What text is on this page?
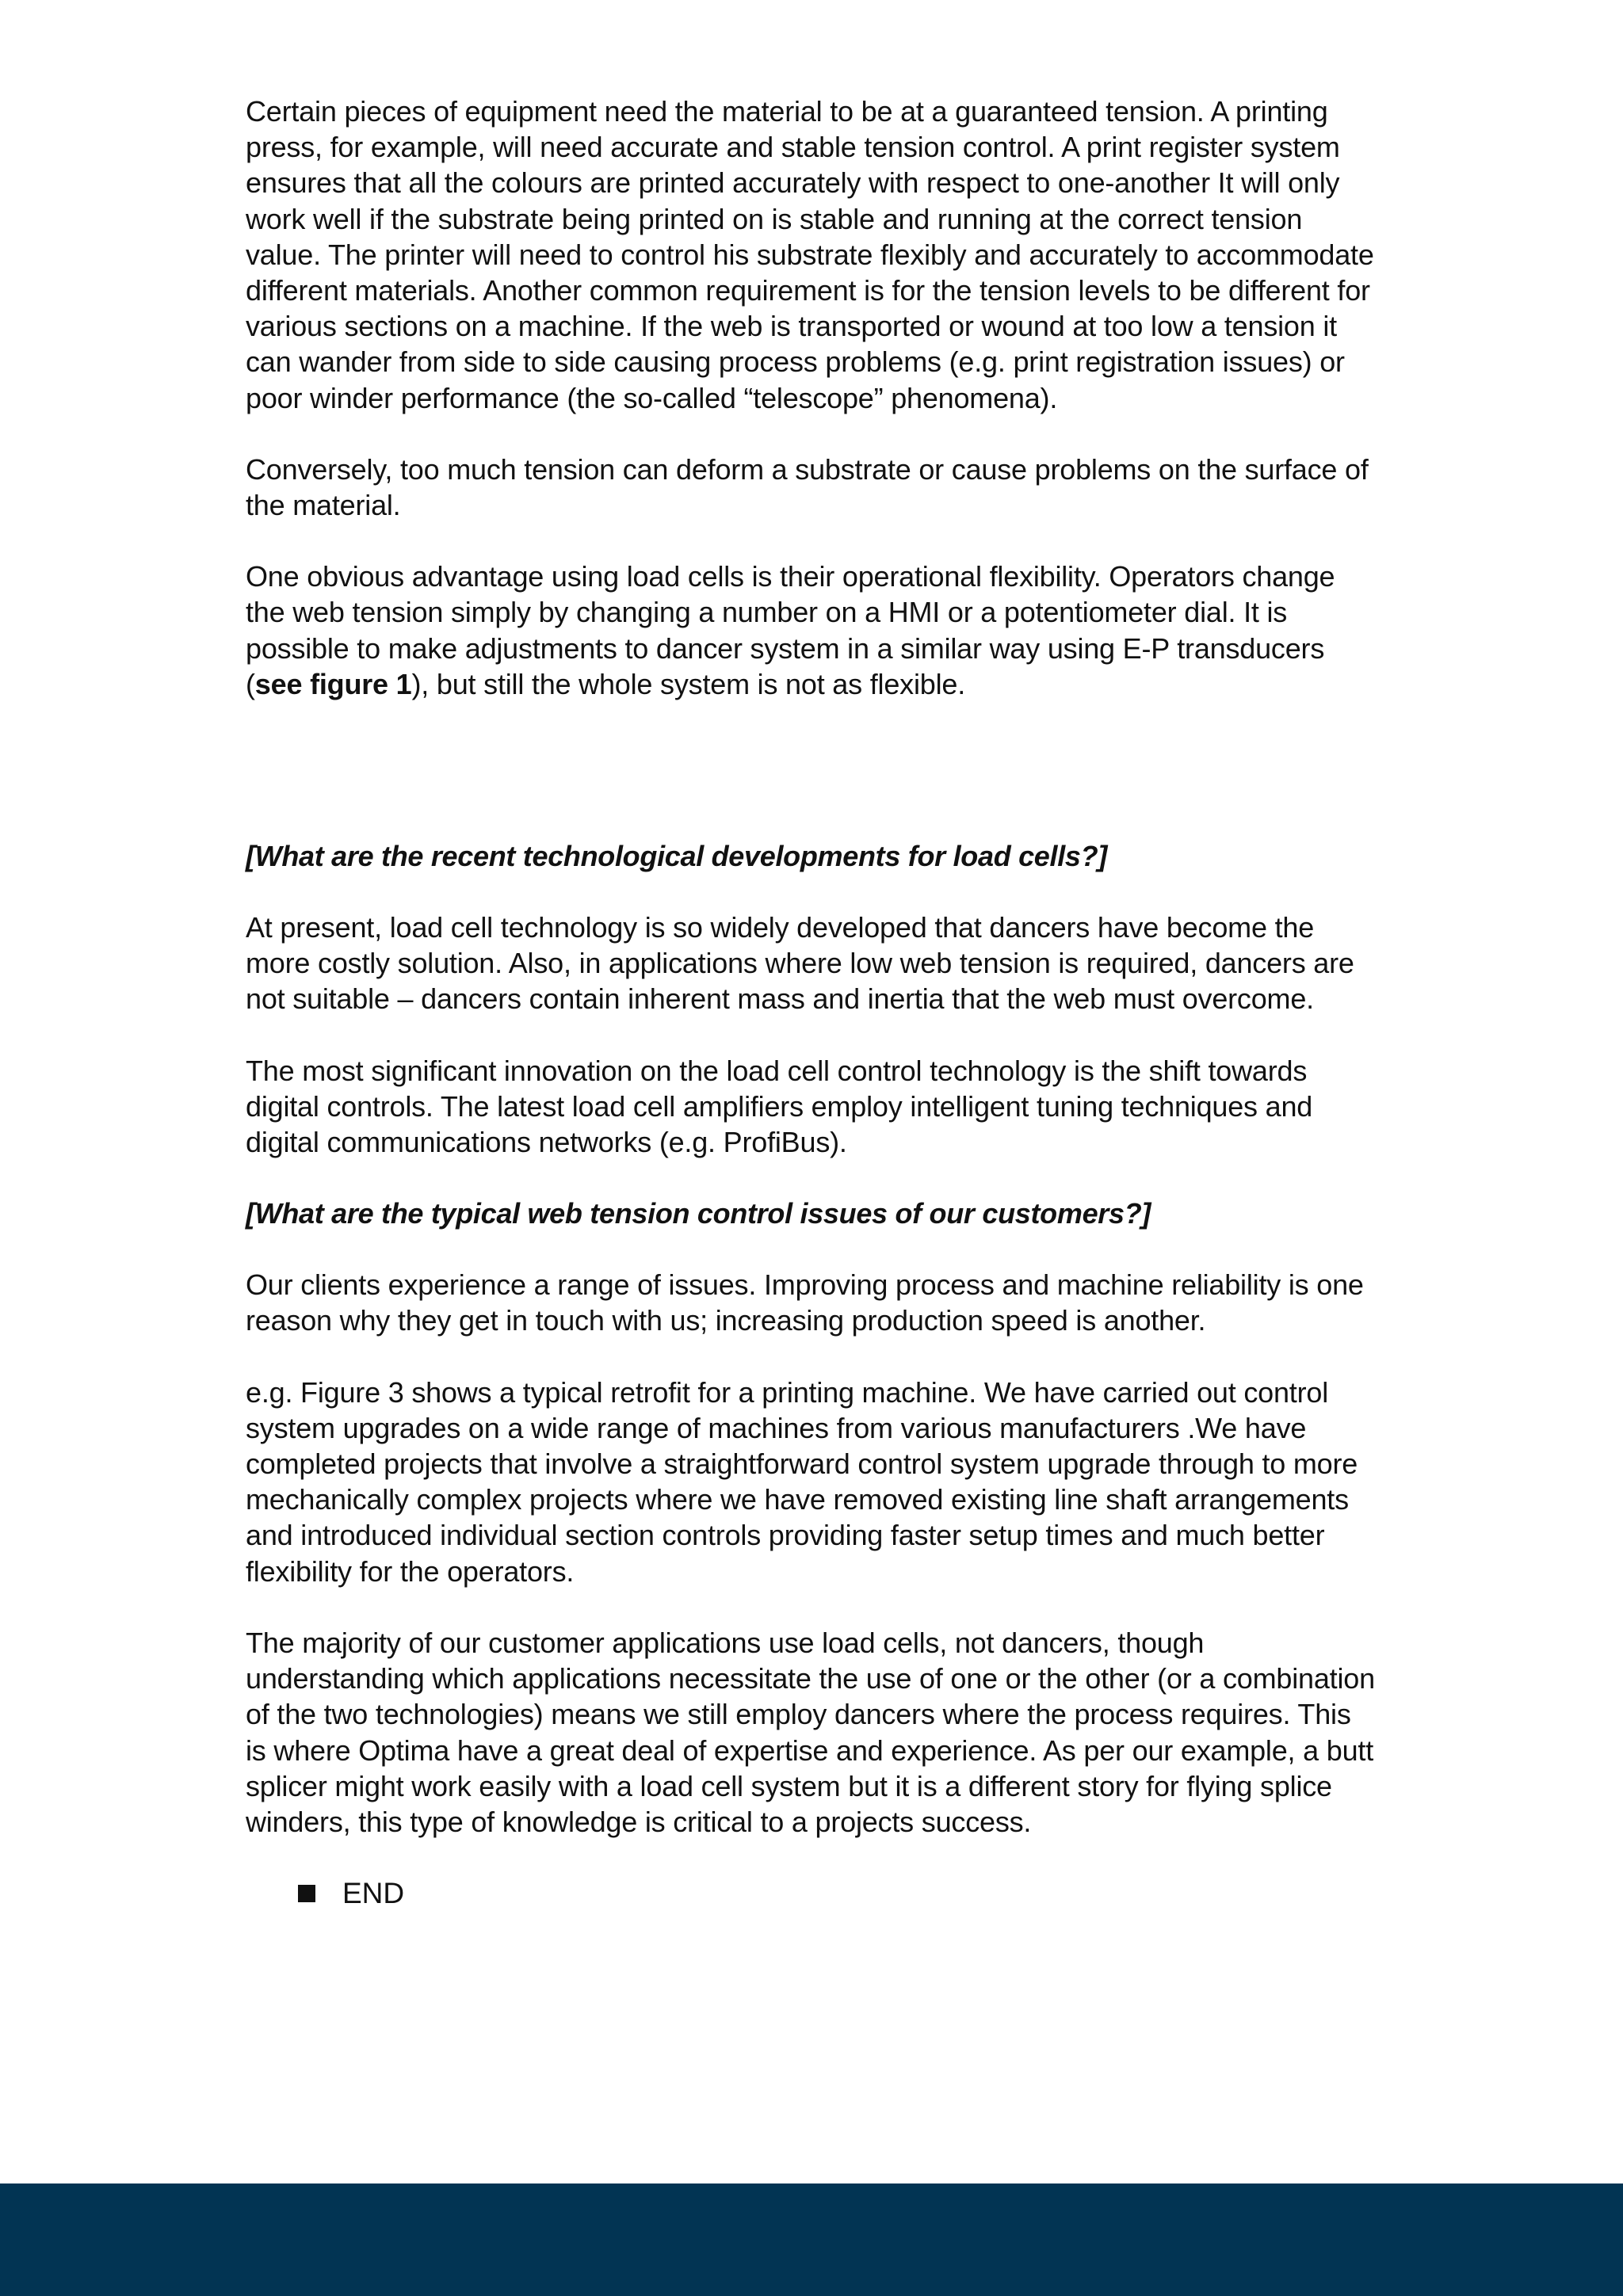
Certain pieces of equipment need the material to be at a guaranteed tension. A printing press, for example, will need accurate and stable tension control. A print register system ensures that all the colours are printed accurately with respect to one-another It will only work well if the substrate being printed on is stable and running at the correct tension value. The printer will need to control his substrate flexibly and accurately to accommodate different materials. Another common requirement is for the tension levels to be different for various sections on a machine. If the web is transported or wound at too low a tension it can wander from side to side causing process problems (e.g. print registration issues) or poor winder performance (the so-called “telescope” phenomena).

Conversely, too much tension can deform a substrate or cause problems on the surface of the material.

One obvious advantage using load cells is their operational flexibility. Operators change the web tension simply by changing a number on a HMI or a potentiometer dial. It is possible to make adjustments to dancer system in a similar way using E-P transducers (see figure 1), but still the whole system is not as flexible.

[What are the recent technological developments for load cells?]

At present, load cell technology is so widely developed that dancers have become the more costly solution. Also, in applications where low web tension is required, dancers are not suitable – dancers contain inherent mass and inertia that the web must overcome.

The most significant innovation on the load cell control technology is the shift towards digital controls. The latest load cell amplifiers employ intelligent tuning techniques and digital communications networks (e.g. ProfiBus).

[What are the typical web tension control issues of our customers?]

Our clients experience a range of issues. Improving process and machine reliability is one reason why they get in touch with us; increasing production speed is another.

e.g. Figure 3 shows a typical retrofit for a printing machine. We have carried out control system upgrades on a wide range of machines from various manufacturers .We have completed projects that involve a straightforward control system upgrade through to more mechanically complex projects where we have removed existing line shaft arrangements and introduced individual section controls providing faster setup times and much better flexibility for the operators.

The majority of our customer applications use load cells, not dancers, though understanding which applications necessitate the use of one or the other (or a combination of the two technologies) means we still employ dancers where the process requires. This is where Optima have a great deal of expertise and experience. As per our example, a butt splicer might work easily with a load cell system but it is a different story for flying splice winders, this type of knowledge is critical to a projects success.

END
